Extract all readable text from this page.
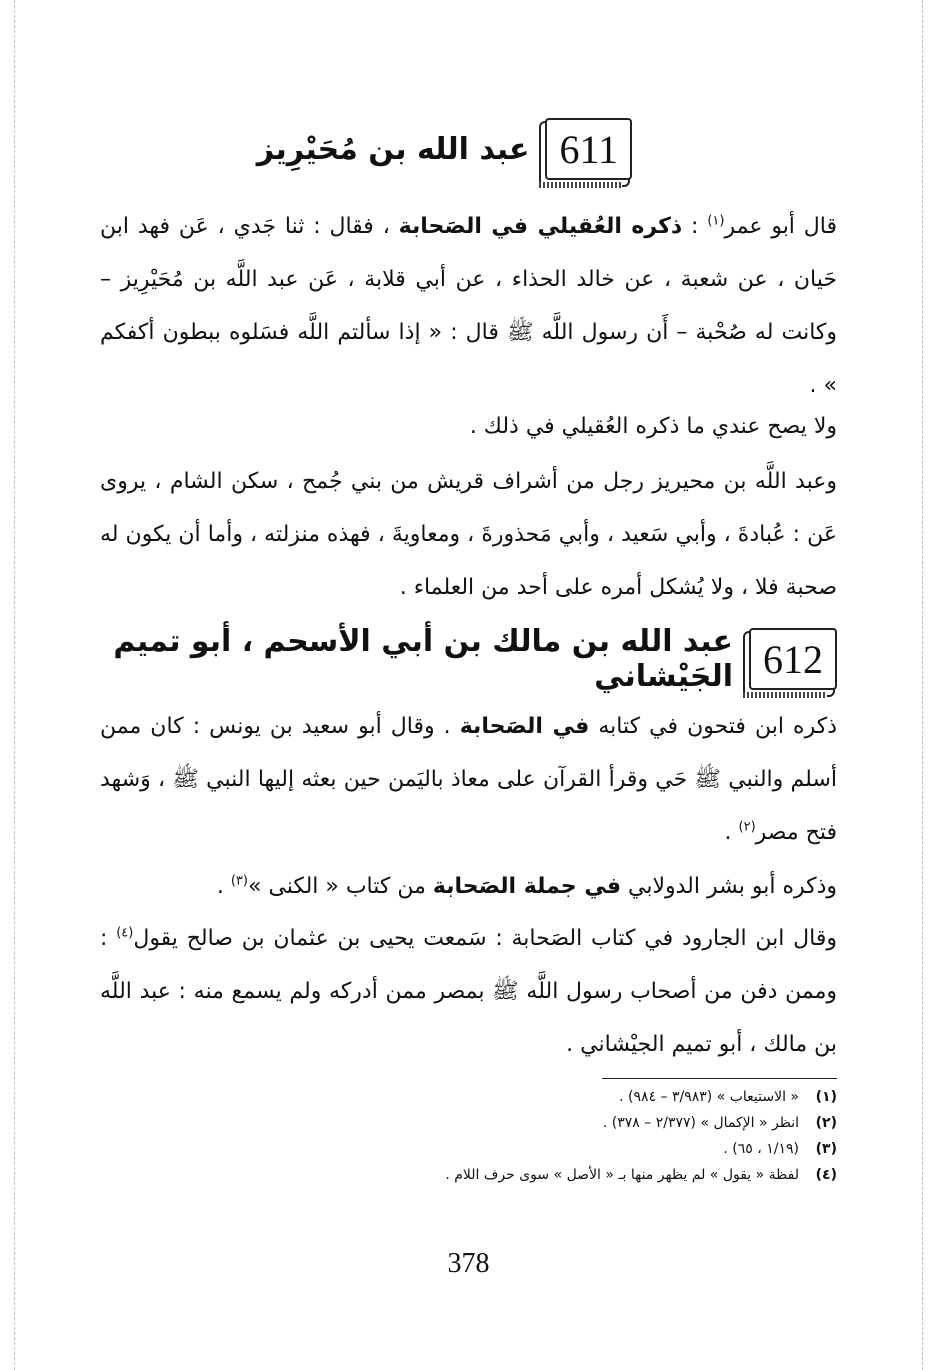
611
عبد الله بن مُحَيْرِيز

قال أبو عمر$^{(١)}$ : ذكره العُقيلي في الصَحابة ، فقال : ثنا جَدي ، عَن فهد ابن حَيان ، عن شعبة ، عن خالد الحذاء ، عن أبي قلابة ، عَن عبد اللَّه بن مُحَيْرِيز – وكانت له صُحْبة – أَن رسول اللَّه ﷺ قال : « إذا سألتم اللَّه فسَلوه ببطون أكفكم » .

ولا يصح عندي ما ذكره العُقيلي في ذلك .

وعبد اللَّه بن محيريز رجل من أشراف قريش من بني جُمح ، سكن الشام ، يروى عَن : عُبادةَ ، وأبي سَعيد ، وأبي مَحذورةَ ، ومعاويةَ ، فهذه منزلته ، وأما أن يكون له صحبة فلا ، ولا يُشكل أمره على أحد من العلماء .

612
عبد الله بن مالك بن أبي الأسحم ، أبو تميم الجَيْشاني

ذكره ابن فتحون في كتابه في الصَحابة . وقال أبو سعيد بن يونس : كان ممن أسلم والنبي ﷺ حَي وقرأ القرآن على معاذ باليَمن حين بعثه إليها النبي ﷺ ، وَشهد فتح مصر$^{(٢)}$ .

وذكره أبو بشر الدولابي في جملة الصَحابة من كتاب « الكنى »$^{(٣)}$ .

وقال ابن الجارود في كتاب الصَحابة : سَمعت يحيى بن عثمان بن صالح يقول$^{(٤)}$ : وممن دفن من أصحاب رسول اللَّه ﷺ بمصر ممن أدركه ولم يسمع منه : عبد اللَّه بن مالك ، أبو تميم الجيْشاني .

(١)« الاستيعاب » (٣/٩٨٣ – ٩٨٤) .
(٢)انظر « الإكمال » (٢/٣٧٧ – ٣٧٨) .
(٣)(١/١٩ ، ٦٥) .
(٤)لفظة « يقول » لم يظهر منها بـ « الأصل » سوى حرف اللام .
378
